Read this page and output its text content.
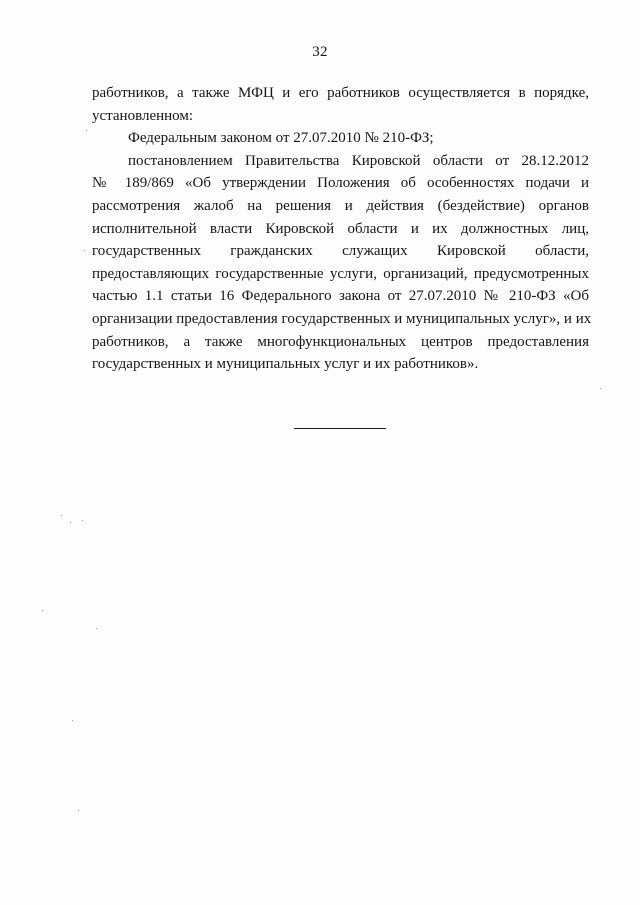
32
работников, а также МФЦ и его работников осуществляется в порядке,
установленном:
Федеральным законом от 27.07.2010 № 210-ФЗ;
постановлением Правительства Кировской области от 28.12.2012
№ 189/869 «Об утверждении Положения об особенностях подачи и
рассмотрения жалоб на решения и действия (бездействие) органов
исполнительной власти Кировской области и их должностных лиц,
государственных гражданских служащих Кировской области,
предоставляющих государственные услуги, организаций, предусмотренных
частью 1.1 статьи 16 Федерального закона от 27.07.2010 № 210-ФЗ «Об
организации предоставления государственных и муниципальных услуг», и их
работников, а также многофункциональных центров предоставления
государственных и муниципальных услуг и их работников».
